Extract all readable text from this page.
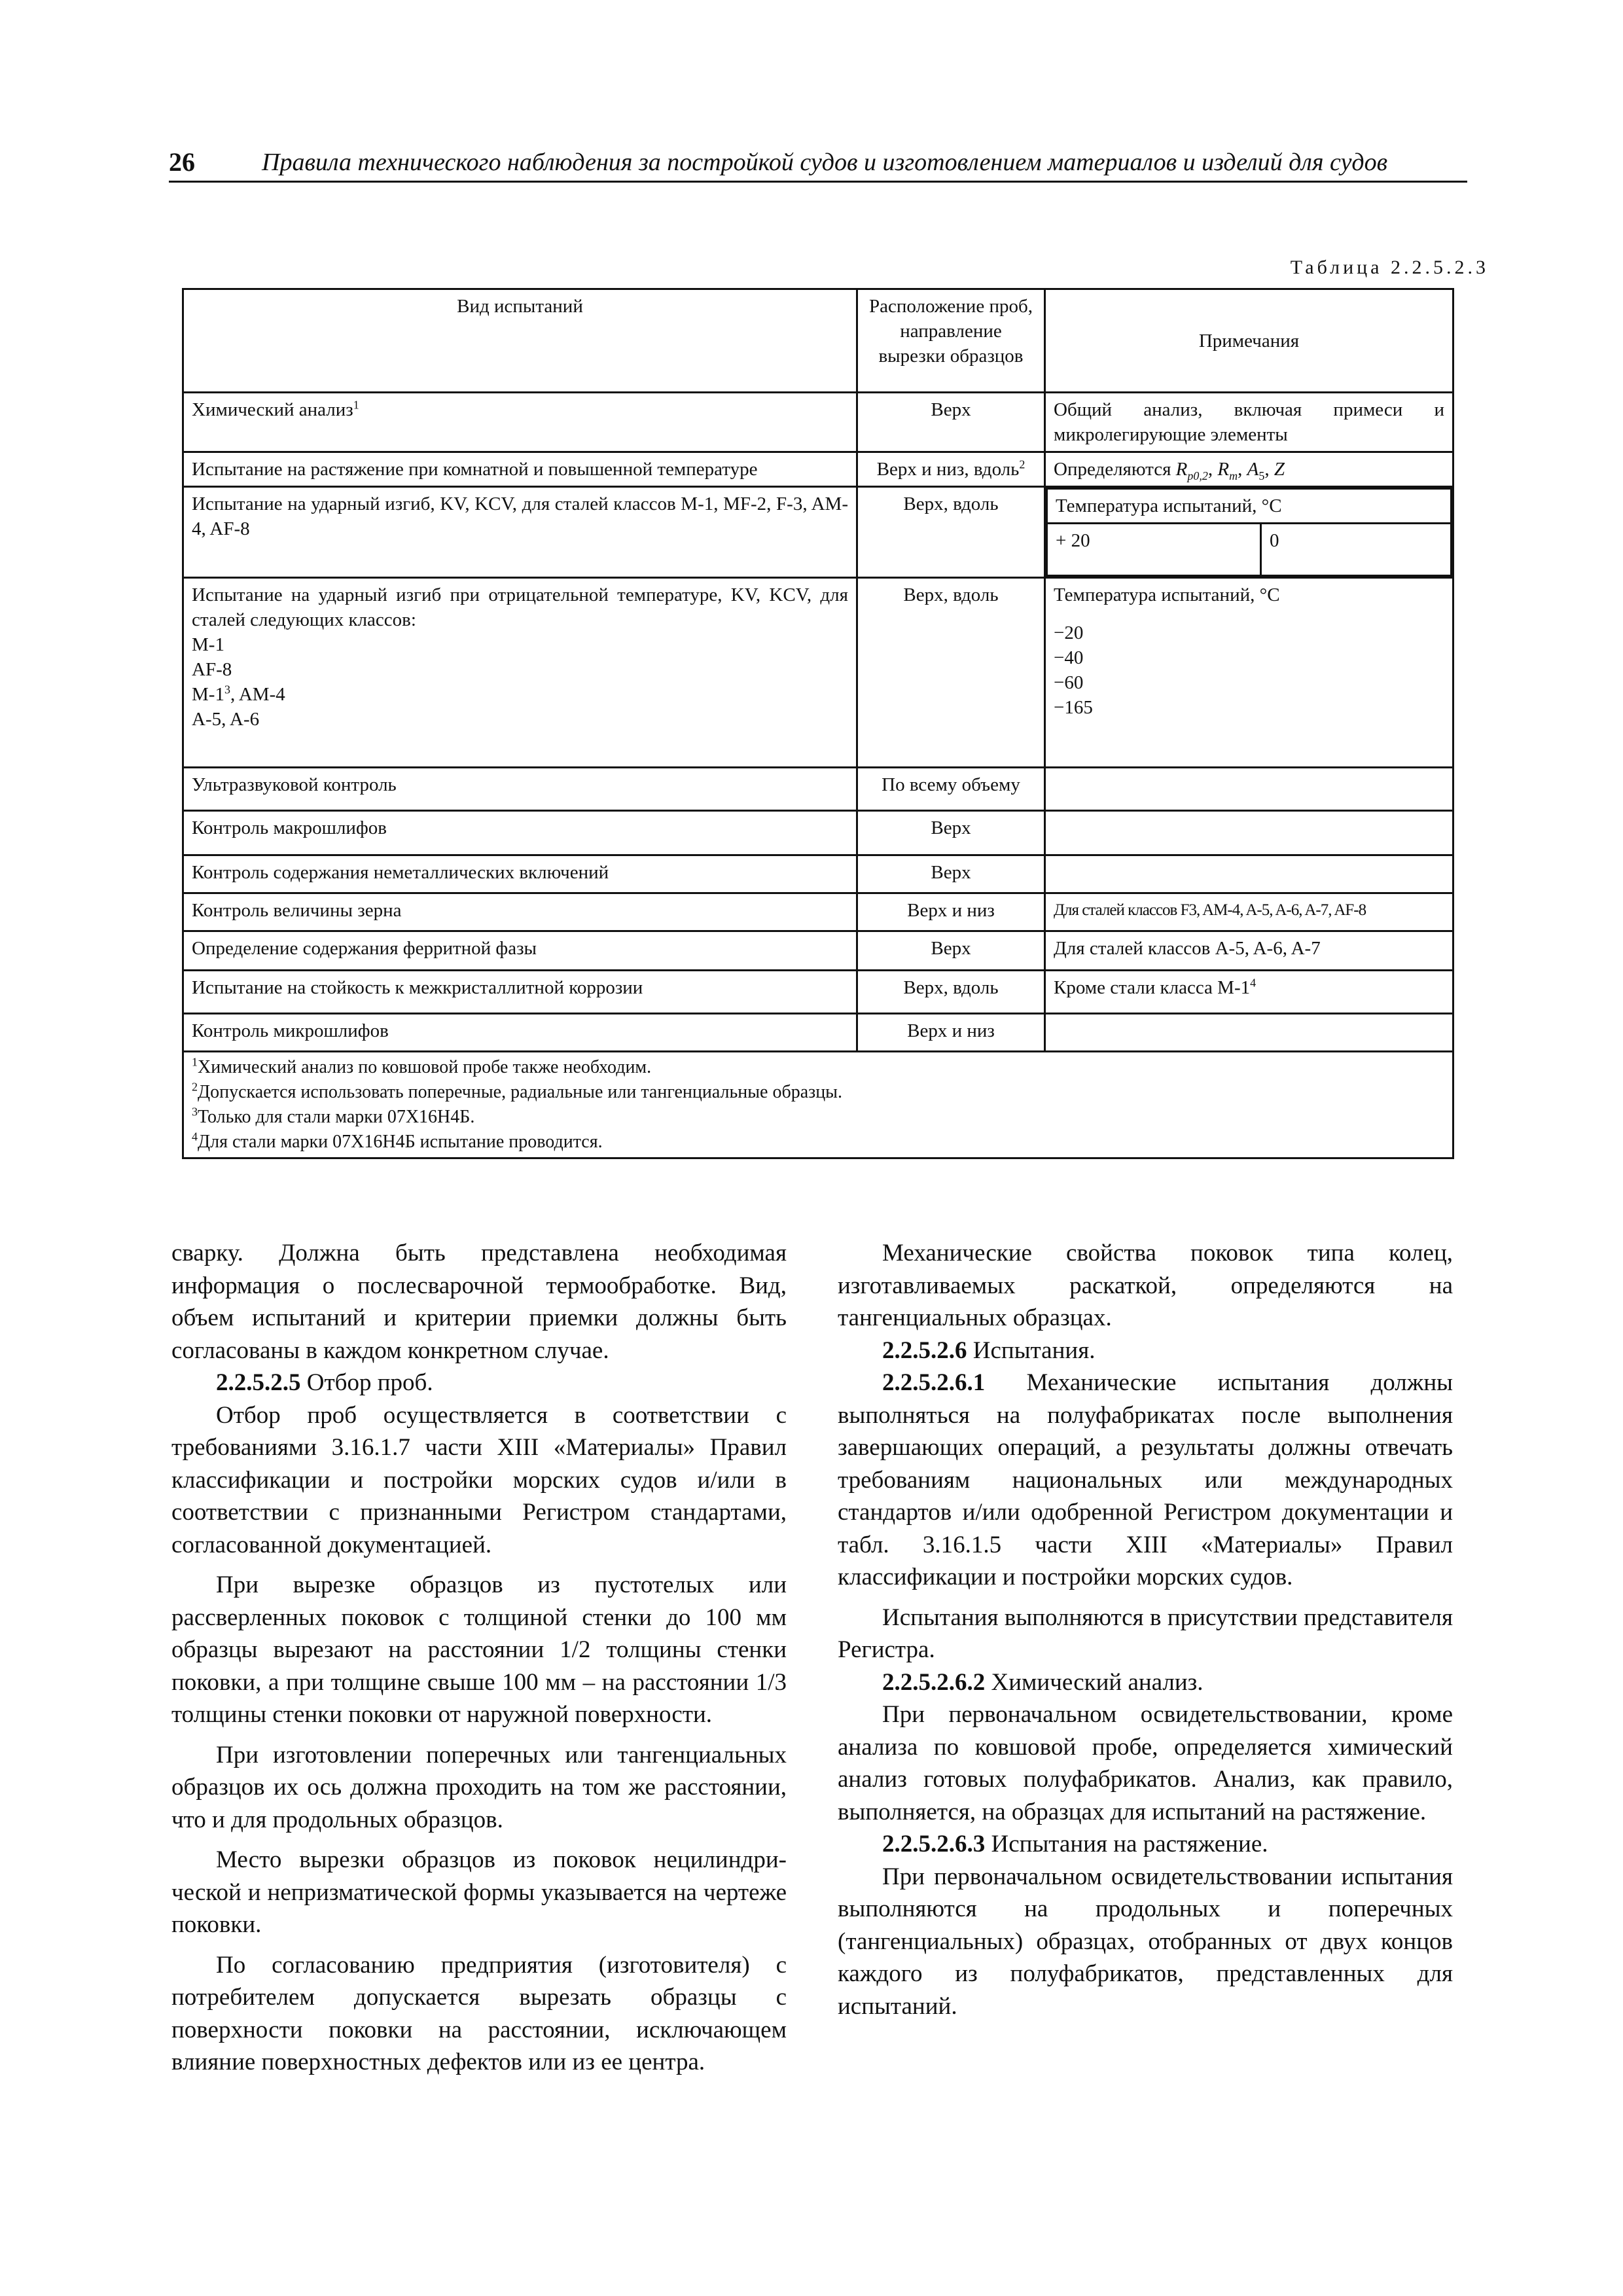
26	Правила технического наблюдения за постройкой судов и изготовлением материалов и изделий для судов
Таблица 2.2.5.2.3
Вид испытаний	Расположение проб, направление вырезки образцов	Примечания
Химический анализ$^1$	Верх	Общий анализ, включая примеси и микролегирующие элементы
Испытание на растяжение при комнатной и повышенной температуре	Верх и низ, вдоль$^2$	Определяются $R_{p0,2}$, $R_m$, $A_5$, Z
Испытание на ударный изгиб, KV, KCV, для сталей классов М-1, MF-2, F-3, AM-4, AF-8	Верх, вдоль		Температура испытаний, °С
+ 20	0

Испытание на ударный изгиб при отрицательной температуре, KV, KCV, для сталей следующих классов:
M-1
AF-8
$M-1^3$, AM-4
A-5, A-6
	Верх, вдоль	Температура испытаний, °С
−20
−40
−60
−165

Ультразвуковой контроль	По всему объему	
Контроль макрошлифов	Верх	
Контроль содержания неметаллических включений	Верх	
Контроль величины зерна	Верх и низ	Для сталей классов F3, AM-4, A-5, A-6, A-7, AF-8
Определение содержания ферритной фазы	Верх	Для сталей классов A-5, A-6, A-7
Испытание на стойкость к межкристаллитной коррозии	Верх, вдоль	Кроме стали класса $М-1^4$
Контроль микрошлифов	Верх и низ	

$^1$Химический анализ по ковшовой пробе также необходим.
$^2$Допускается использовать поперечные, радиальные или тангенциальные образцы.
$^3$Только для стали марки 07Х16Н4Б.
$^4$Для стали марки 07Х16Н4Б испытание проводится.

сварку. Должна быть представлена необходимая информация о послесварочной термообработке. Вид, объем испытаний и критерии приемки должны быть согласованы в каждом конкретном случае.

2.2.5.2.5 Отбор проб.

Отбор проб осуществляется в соответствии с требованиями 3.16.1.7 части XIII «Материалы» Правил классификации и постройки морских судов и/или в соответствии с признанными Регистром стандартами, согласованной документацией.

При вырезке образцов из пустотелых или рассверленных поковок с толщиной стенки до 100 мм образцы вырезают на расстоянии 1/2 толщины стенки поковки, а при толщине свыше 100 мм – на расстоянии 1/3 толщины стенки поковки от наружной поверхности.

При изготовлении поперечных или тангенциальных образцов их ось должна проходить на том же расстоянии, что и для продольных образцов.

Место вырезки образцов из поковок нецилиндрической и непризматической формы указывается на чертеже поковки.

По согласованию предприятия (изготовителя) с потребителем допускается вырезать образцы с поверхности поковки на расстоянии, исключающем влияние поверхностных дефектов или из ее центра.

Механические свойства поковок типа колец, изготавливаемых раскаткой, определяются на тангенциальных образцах.

2.2.5.2.6 Испытания.

2.2.5.2.6.1 Механические испытания должны выполняться на полуфабрикатах после выполнения завершающих операций, а результаты должны отвечать требованиям национальных или международных стандартов и/или одобренной Регистром документации и табл. 3.16.1.5 части XIII «Материалы» Правил классификации и постройки морских судов.

Испытания выполняются в присутствии представителя Регистра.

2.2.5.2.6.2 Химический анализ.

При первоначальном освидетельствовании, кроме анализа по ковшовой пробе, определяется химический анализ готовых полуфабрикатов. Анализ, как правило, выполняется, на образцах для испытаний на растяжение.

2.2.5.2.6.3 Испытания на растяжение.

При первоначальном освидетельствовании испытания выполняются на продольных и поперечных (тангенциальных) образцах, отобранных от двух концов каждого из полуфабрикатов, представленных для испытаний.
